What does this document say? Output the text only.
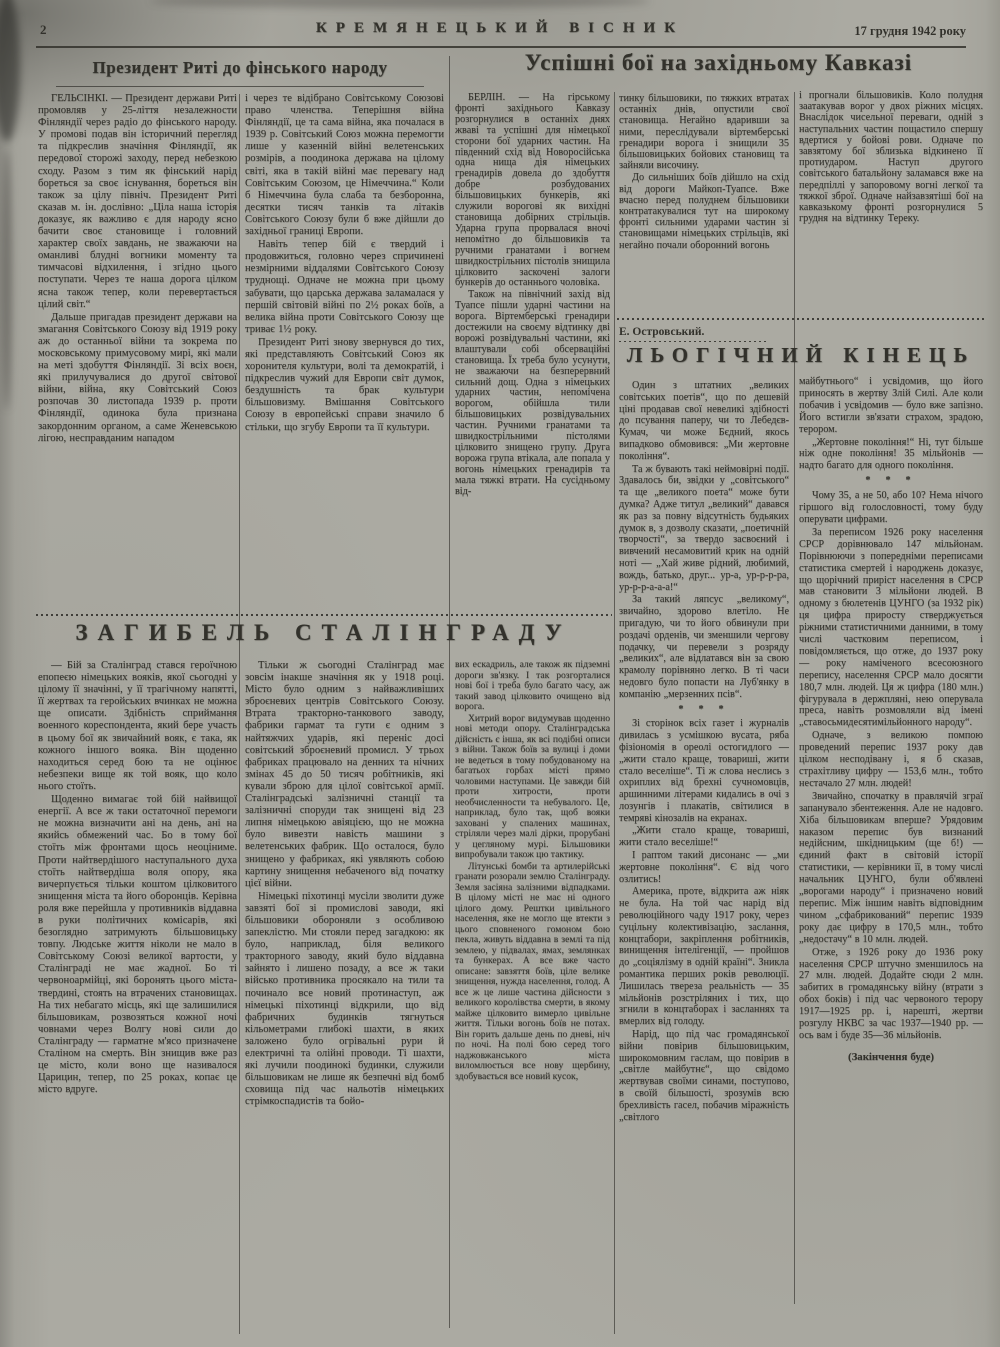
2	КРЕМЯНЕЦЬКИЙ ВІСНИК	17 грудня 1942 року
Президент Риті до фінського народу

ГЕЛЬСІНКІ. — Президент держави Риті промовляв у 25-ліття незалежности Фінляндії через радіо до фінського народу. У промові подав він історичний перегляд та підкреслив значіння Фінляндії, як передової сторожі заходу, перед небезкою сходу. Разом з тим як фінський нарід бореться за своє існування, бореться він також за цілу північ. Президент Риті сказав м. ін. дослівно: „Ціла наша історія доказує, як важливо є для народу ясно бачити своє становище і головний характер своїх завдань, не зважаючи на оманливі блудні вогники моменту та тимчасові відхилення, і згідно цього поступати. Через те наша дорога цілком ясна також тепер, коли перевертається цілий світ.“

Дальше пригадав президент держави на змагання Совітського Союзу від 1919 року аж до останньої війни та зокрема по московському примусовому мирі, які мали на меті здобуття Фінляндії. Зі всіх воєн, які прилучувалися до другої світової війни, війна, яку Совітський Союз розпочав 30 листопада 1939 р. проти Фінляндії, одинока була признана закордонним органом, а саме Женевською лігою, несправданим нападом

і через те відібрано Совітському Союзові право членства. Теперішня війна Фінляндії, це та сама війна, яка почалася в 1939 р. Совітський Союз можна перемогти лише у казенній війні велетенських розмірів, а поодинока держава на цілому світі, яка в такій війні має перевагу над Совітським Союзом, це Німеччина.“ Коли б Німеччина була слаба та безборонна, десятки тисяч танків та літаків Совітського Союзу були б вже дійшли до західньої границі Европи.

Навіть тепер бій є твердий і продовжиться, головно через спричинені незмірними віддалями Совітського Союзу труднощі. Одначе не можна при цьому забувати, що царська держава заламалася у першій світовій війні по 2½ роках боїв, а велика війна проти Совітського Союзу ще триває 1½ року.

Президент Риті знову звернувся до тих, які представляють Совітський Союз як хоронителя культури, волі та демократій, і підкреслив чужий для Европи світ думок, бездушність та брак культури більшовизму. Вмішання Совітського Союзу в европейські справи значило б стільки, що згубу Европи та її культури.

Успішні бої на західньому Кавказі

БЕРЛІН. — На гірському фронті західнього Кавказу розгорнулися в останніх днях жваві та успішні для німецької сторони бої ударних частин. На південний схід від Новоросійська одна нища дія німецьких гренадирів довела до здобуття добре розбудованих більшовицьких бункерів, які служили ворогові як вихідні становища добірних стрільців. Ударна група прорвалася вночі непомітно до більшовиків та ручними гранатами і вогнем швидкострільних пістолів знищила цілковито заскочені залоги бункерів до останнього чоловіка.

Також на північний захід від Туапсе пішли ударні частини на ворога. Віртемберські гренадири достежили на своєму відтинку дві ворожі розвідувальні частини, які влаштували собі обсерваційні становища. Їх треба було усунути, не зважаючи на безперервний сильний дощ. Одна з німецьких ударних частин, непомічена ворогом, обійшла тили більшовицьких розвідувальних частин. Ручними гранатами та швидкострільними пістолями цілковито знищено групу. Друга ворожа група втікала, але попала у вогонь німецьких гренадирів та мала тяжкі втрати. На сусідньому від-

тинку більшовики, по тяжких втратах останніх днів, опустили свої становища. Негайно вдаривши за ними, переслідували віртемберські гренадири ворога і знищили 35 більшовицьких бойових становищ та зайняли височину.

До сильніших боїв дійшло на схід від дороги Майкоп-Туапсе. Вже вчасно перед полуднем більшовики контратакувалися тут на широкому фронті сильними ударами частин зі становищами німецьких стрільців, які негайно почали оборонний вогонь

і прогнали більшовиків. Коло полудня заатакував ворог у двох ріжних місцях. Внаслідок чисельної переваги, одній з наступальних частин пощастило спершу вдертися у бойові рови. Одначе по завзятому бої зблизька відкинено її протиударом. Наступ другого совітського батальйону заламався вже на передпіллі у запоровому вогні легкої та тяжкої зброї. Одначе найзавзятіші бої на кавказькому фронті розгорнулися 5 грудня на відтинку Тереку.

Е. Островський.
ЛЬОГІЧНИЙ КІНЕЦЬ

Один з штатних „великих совітських поетів“, що по дешевій ціні продавав свої невеликі здібності до псування паперу, чи то Лебедєв-Кумач, чи може Бєдний, якось випадково обмовився: „Ми жертовне покоління“.

Та ж бувають такі неймовірні події. Здавалось би, звідки у „совітського“ та ще „великого поета“ може бути думка? Адже титул „великий“ давався як раз за повну відсутність будьяких думок в, з дозволу сказати, „поетичній творчості“, за твердо засвоєний і вивчений несамовитий крик на одній ноті — „Хай живе рідний, любимий, вождь, батько, друг... ур-а, ур-р-р-ра, ур-р-р-а-а-а!“

За такий ляпсус „великому“, звичайно, здорово влетіло. Не пригадую, чи то його обвинули при роздачі орденів, чи зменшили чергову подачку, чи перевели з розряду „великих“, але відлатався він за свою крамолу порівняно легко. В ті часи недовго було попасти на Луб'янку в компанію „мерзенних псів“.

* * *

Зі сторінок всіх газет і журналів дивилась з усмішкою вусата, ряба фізіономія в ореолі остогидлого — „жити стало краще, товариші, жити стало веселіше“. Ті ж слова неслись з охриплих від брехні сучномовців, аршинними літерами кидались в очі з лозунгів і плакатів, світилися в темряві кінозалів на екранах.

„Жити стало краще, товариші, жити стало веселіше!“

І раптом такий дисонанс — „ми жертовне покоління“. Є від чого озлитись!

Америка, проте, відкрита аж ніяк не була. На той час нарід від революційного чаду 1917 року, через суцільну колективізацію, заслання, концтабори, закріплення робітників, винищення інтелігенції, — пройшов до „соціялізму в одній країні“. Зникла романтика перших років революції. Лишилась твереза реальність — 35 мільйонів розстріляних і тих, що згнили в концтаборах і засланнях та вмерлих від голоду.

Нарід, що під час громадянської війни повірив більшовицьким, широкомовним гаслам, що повірив в „світле майбутнє“, що свідомо жертвував своїми синами, поступово, в своїй більшості, зрозумів всю брехливість гасел, побачив міражність „світлого

майбутнього“ і усвідомив, що його приносять в жертву Злій Силі. Але коли побачив і усвідомив — було вже запізно. Його встигли зв'язати страхом, зрадою, терором.

„Жертовне покоління!“ Ні, тут більше ніж одне покоління! 35 мільйонів — надто багато для одного покоління.

* * *

Чому 35, а не 50, або 10? Нема нічого гіршого від голословності, тому буду оперувати цифрами.

За переписом 1926 року населення СРСР дорівнювало 147 мільйонам. Порівнюючи з попередніми переписами статистика смертей і народжень доказує, що щорічний приріст населення в СРСР мав становити 3 мільйони людей. В одному з бюлетенів ЦУНГО (за 1932 рік) ця цифра приросту стверджується ріжними статистичними данними, в тому числі частковим переписом, і повідомляється, що отже, до 1937 року — року наміченого всесоюзного перепису, населення СРСР мало досягти 180,7 млн. людей. Ця ж цифра (180 млн.) фігурувала в держпляні, нею оперувала преса, навіть розмовляли від імені „ставосьмидесятимільйонного народу“.

Одначе, з великою помпою проведений перепис 1937 року дав цілком несподівану і, я б сказав, страхітливу цифру — 153,6 млн., тобто нестачало 27 млн. людей!

Звичайно, спочатку в правлячій зграї запанувало збентеження. Але не надовго. Хіба більшовикам вперше? Урядовим наказом перепис був визнаний недійсним, шкідницьким (ще б!) — єдиний факт в світовій історії статистики, — керівники її, в тому числі начальник ЦУНГО, були об'явлені „ворогами народу“ і призначено новий перепис. Між іншим навіть відповідним чином „сфабрикований“ перепис 1939 року дає цифру в 170,5 млн., тобто „недостачу“ в 10 млн. людей.

Отже, з 1926 року до 1936 року населення СРСР штучно зменшилось на 27 млн. людей. Додайте сюди 2 млн. забитих в громадянську війну (втрати з обох боків) і під час червоного терору 1917—1925 рр. і, нарешті, жертви розгулу НКВС за час 1937—1940 рр. — ось вам і буде 35—36 мільйонів.

(Закінчення буде)
ЗАГИБЕЛЬ СТАЛІНГРАДУ

— Бій за Сталінград стався героїчною епопеєю німецьких вояків, якої сьогодні у цілому її значінні, у її трагічному напятті, її жертвах та геройських вчинках не можна ще описати. Здібність сприймання военного кореспондента, який бере участь в цьому бої як звичайний вояк, є така, як кожного іншого вояка. Він щоденно находиться серед бою та не оцінює небезпеки вище як той вояк, що коло нього стоїть.

Щоденно вимагає той бій найвищої енергії. А все ж таки остаточної перемоги не можна визначити ані на день, ані на якийсь обмежений час. Бо в тому бої стоїть між фронтами щось неоціниме. Проти найтвердішого наступального духа стоїть найтвердіша воля опору, яка вичерпується тільки коштом цілковитого знищення міста та його оборонців. Керівна роля вже перейшла у противників віддавна в руки політичних комісарів, які безоглядно затримують більшовицьку товпу. Людське життя ніколи не мало в Совітському Союзі великої вартости, у Сталінграді не має жадної. Бо ті червоноармійці, які боронять цього міста-твердині, стоять на втрачених становищах. На тих небагато місць, які ще залишилися більшовикам, розвозяться кожної ночі човнами через Волгу нові сили до Сталінграду — гарматне м'ясо призначене Сталіном на смерть. Він знищив вже раз це місто, коли воно ще називалося Царицин, тепер, по 25 роках, копає це місто вдруге.

Тільки ж сьогодні Сталінград має зовсім інакше значіння як у 1918 році. Місто було одним з найважливіших зброєневих центрів Совітського Союзу. Втрата тракторно-танкового заводу, фабрики гармат та гути є одним з найтяжчих ударів, які переніс досі совітський зброєневий промисл. У трьох фабриках працювало на денних та нічних змінах 45 до 50 тисяч робітників, які кували зброю для цілої совітської армії. Сталінградські залізничні станції та залізничні споруди так знищені від 23 липня німецькою авіяцією, що не можна було вивезти навість машини з велетенських фабрик. Що осталося, було знищено у фабриках, які уявляють собою картину знищення небаченого від початку цієї війни.

Німецькі піхотинці мусіли зволити дуже завзяті бої зі промислові заводи, які більшовики обороняли з особливою запеклістю. Ми стояли перед загадкою: як було, наприклад, біля великого тракторного заводу, який було віддавна зайнято і лишено позаду, а все ж таки військо противника просякало на тили та починало все новий протинаступ, аж німецькі піхотинці відкрили, що від фабричних будинків тягнуться кільометрами глибокі шахти, в яких заложено було огрівальні рури й електричні та олійні проводи. Ті шахти, які лучили поодинокі будинки, служили більшовикам не лише як безпечні від бомб сховища під час нальотів німецьких стрімкоспадистів та бойо-

вих ескадриль, але також як підземні дороги зв'язку. І так розгорталися нові бої і треба було багато часу, аж такий завод цілковито очищено від ворога.

Хитрий ворог видумував щоденно нові методи опору. Сталінградська дійсність є інша, як всі подібні описи з війни. Також боїв за вулиці і доми не ведеться в тому побудованому на багатьох горбах місті прямо чоловими наступами. Це завжди бій проти хитрости, проти необчисленности та небувалого. Це, наприклад, було так, щоб вояки заховані у спалених машинах, стріляли через малі дірки, прорубані у цегляному мурі. Більшовики випробували також цю тактику.

Літунські бомби та артилерійські гранати розорали землю Сталінграду. Земля засіяна залізними відпадками. В цілому місті не має ні одного цілого дому. Рештки цивільного населення, яке не могло ще втекти з цього сповненого гомоном бою пекла, живуть віддавна в землі та під землею, у підвалах, ямах, землянках та бункерах. А все вже часто описане: завзяття боїв, ціле велике знищення, нужда населення, голод. А все ж це лише частина дійсности з великого королівства смерти, в якому майже цілковито вимерло цивільне життя. Тільки вогонь боїв не потах. Він горить дальше день по дневі, ніч по ночі. На полі бою серед того наджовжанського міста виломлюється все нову щербину, здобувається все новий кусок,
